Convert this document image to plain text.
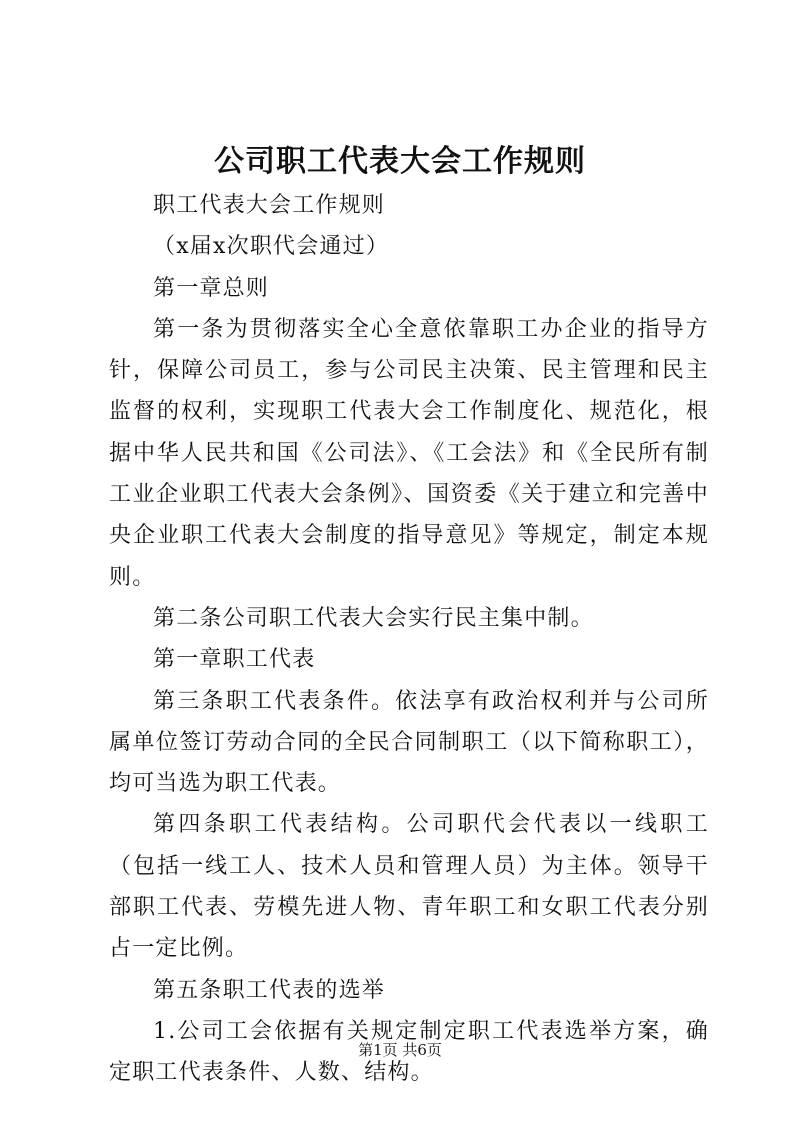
公司职工代表大会工作规则

职工代表大会工作规则

（x届x次职代会通过）

第一章总则

第一条为贯彻落实全心全意依靠职工办企业的指导方针，保障公司员工，参与公司民主决策、民主管理和民主监督的权利，实现职工代表大会工作制度化、规范化，根据中华人民共和国《公司法》、《工会法》和《全民所有制工业企业职工代表大会条例》、国资委《关于建立和完善中央企业职工代表大会制度的指导意见》等规定，制定本规则。

第二条公司职工代表大会实行民主集中制。

第一章职工代表

第三条职工代表条件。依法享有政治权利并与公司所属单位签订劳动合同的全民合同制职工（以下简称职工），均可当选为职工代表。

第四条职工代表结构。公司职代会代表以一线职工（包括一线工人、技术人员和管理人员）为主体。领导干部职工代表、劳模先进人物、青年职工和女职工代表分别占一定比例。

第五条职工代表的选举

1.公司工会依据有关规定制定职工代表选举方案，确定职工代表条件、人数、结构。

第1页 共6页
